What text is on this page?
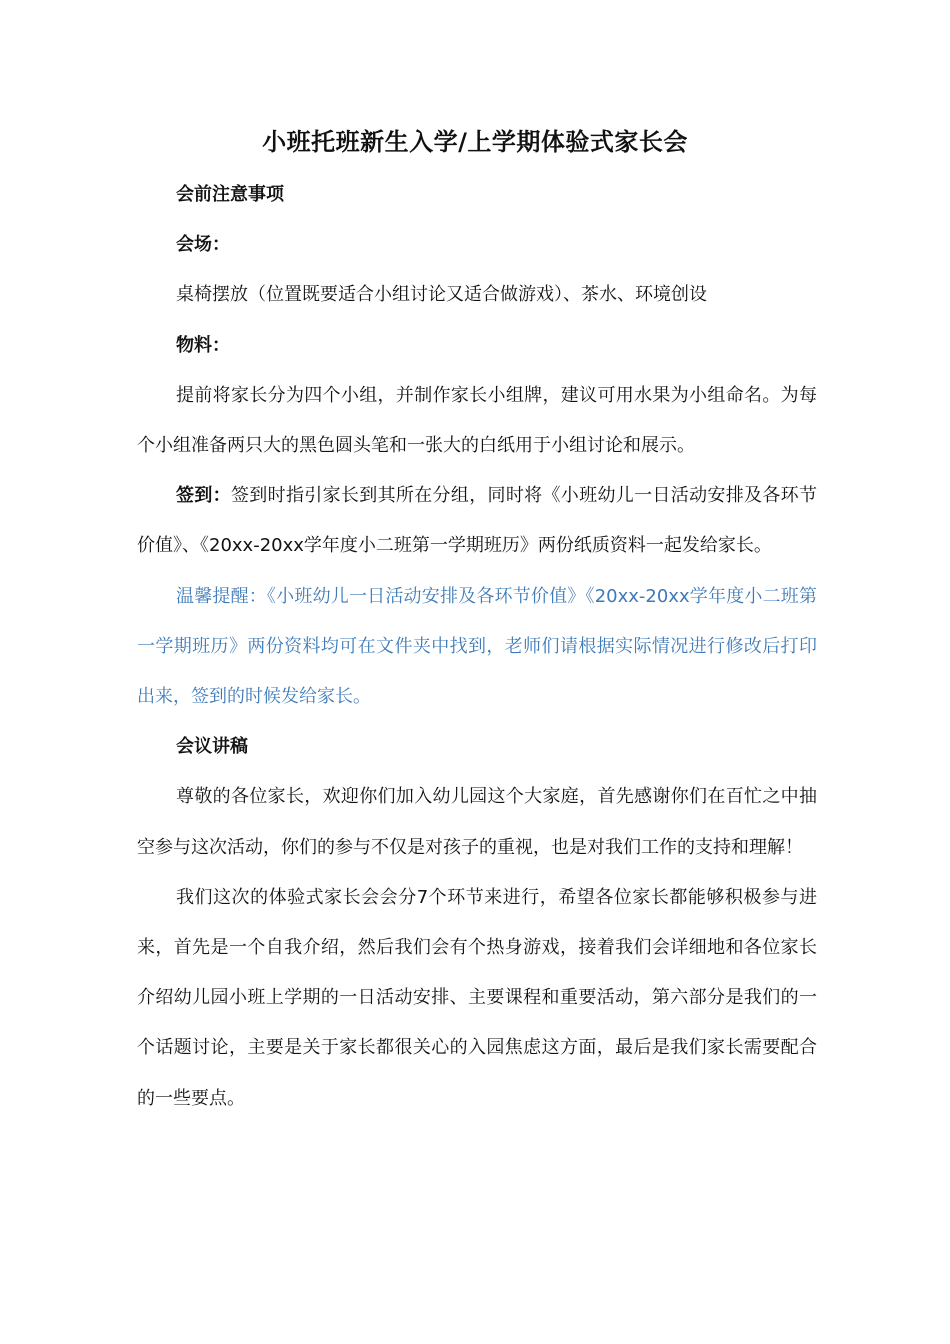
小班托班新生入学/上学期体验式家长会

会前注意事项

会场：

桌椅摆放（位置既要适合小组讨论又适合做游戏）、茶水、环境创设

物料：

提前将家长分为四个小组，并制作家长小组牌，建议可用水果为小组命名。为每个小组准备两只大的黑色圆头笔和一张大的白纸用于小组讨论和展示。

签到：签到时指引家长到其所在分组，同时将《小班幼儿一日活动安排及各环节价值》、《20xx-20xx学年度小二班第一学期班历》两份纸质资料一起发给家长。

温馨提醒：《小班幼儿一日活动安排及各环节价值》《20xx-20xx学年度小二班第一学期班历》两份资料均可在文件夹中找到，老师们请根据实际情况进行修改后打印出来，签到的时候发给家长。

会议讲稿

尊敬的各位家长，欢迎你们加入幼儿园这个大家庭，首先感谢你们在百忙之中抽空参与这次活动，你们的参与不仅是对孩子的重视，也是对我们工作的支持和理解！

我们这次的体验式家长会会分7个环节来进行，希望各位家长都能够积极参与进来，首先是一个自我介绍，然后我们会有个热身游戏，接着我们会详细地和各位家长介绍幼儿园小班上学期的一日活动安排、主要课程和重要活动，第六部分是我们的一个话题讨论，主要是关于家长都很关心的入园焦虑这方面，最后是我们家长需要配合的一些要点。
